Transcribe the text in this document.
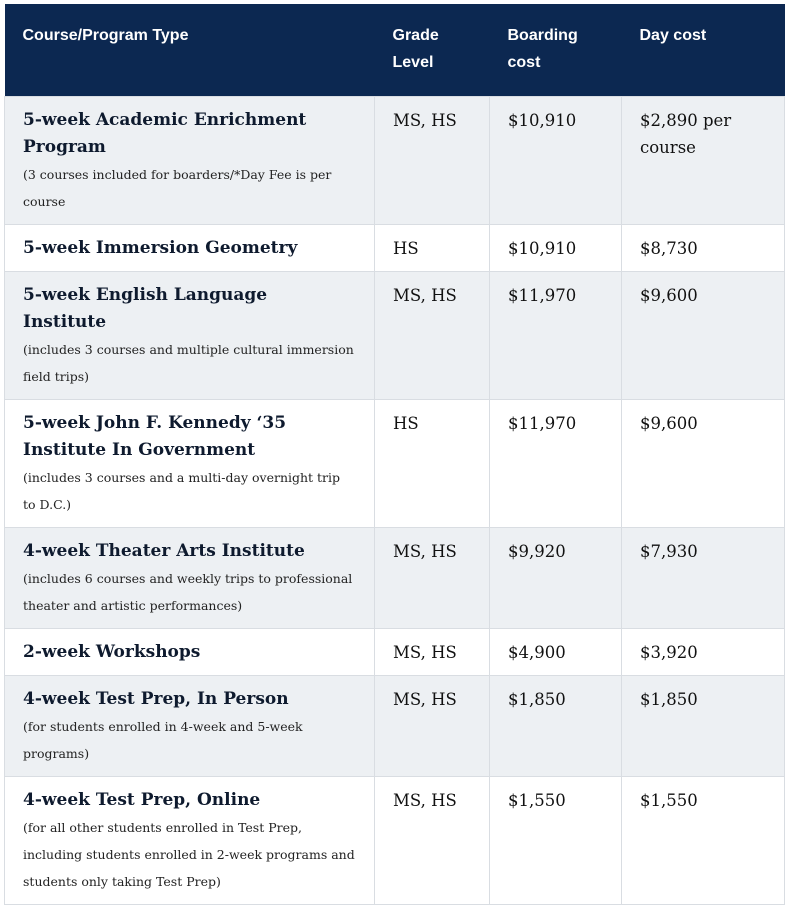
Course/Program Type	Grade Level	Boarding cost	Day cost

5-week Academic Enrichment Program
(3 courses included for boarders/*Day Fee is per course	MS, HS	$10,910	$2,890 per course

5-week Immersion Geometry	HS	$10,910	$8,730

5-week English Language Institute
(includes 3 courses and multiple cultural immersion field trips)	MS, HS	$11,970	$9,600

5-week John F. Kennedy ‘35 Institute In Government
(includes 3 courses and a multi-day overnight trip to D.C.)	HS	$11,970	$9,600

4-week Theater Arts Institute
(includes 6 courses and weekly trips to professional theater and artistic performances)	MS, HS	$9,920	$7,930

2-week Workshops	MS, HS	$4,900	$3,920

4-week Test Prep, In Person
(for students enrolled in 4-week and 5-week programs)	MS, HS	$1,850	$1,850

4-week Test Prep, Online
(for all other students enrolled in Test Prep, including students enrolled in 2-week programs and students only taking Test Prep)	MS, HS	$1,550	$1,550
